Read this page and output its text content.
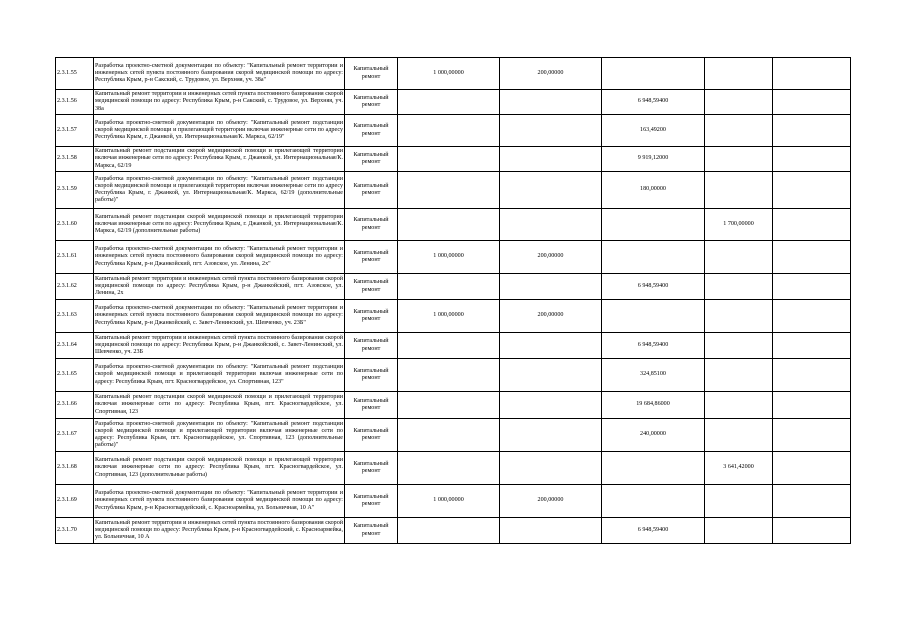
2.3.1.55	Разработка проектно-сметной документации по объекту: "Капитальный ремонт территории и инженерных сетей пункта постоянного базирования скорой медицинской помощи по адресу: Республика Крым, р-н Сакский, с. Трудовое, ул. Верхняя, уч. 38а"	Капитальный ремонт	1 000,00000	200,00000			
2.3.1.56	Капитальный ремонт территории и инженерных сетей пункта постоянного базирования скорой медицинской помощи по адресу: Республика Крым, р-н Сакский, с. Трудовое, ул. Верхняя, уч. 38а	Капитальный ремонт			6 948,59400		
2.3.1.57	Разработка проектно-сметной документации по объекту: "Капитальный ремонт подстанции скорой медицинской помощи и прилегающей территории включая инженерные сети по адресу Республика Крым, г. Джанкой, ул. Интернациональная/К. Маркса, 62/19"	Капитальный ремонт			163,49200		
2.3.1.58	Капитальный ремонт подстанции скорой медицинской помощи и прилегающей территории включая инженерные сети по адресу: Республика Крым, г. Джанкой, ул. Интернациональная/К. Маркса, 62/19	Капитальный ремонт			9 919,12000		
2.3.1.59	Разработка проектно-сметной документации по объекту: "Капитальный ремонт подстанции скорой медицинской помощи и прилегающей территории включая инженерные сети по адресу Республика Крым, г. Джанкой, ул. Интернациональная/К. Маркса, 62/19 (дополнительные работы)"	Капитальный ремонт			180,00000		
2.3.1.60	Капитальный ремонт подстанции скорой медицинской помощи и прилегающей территории включая инженерные сети по адресу: Республика Крым, г. Джанкой, ул. Интернациональная/К. Маркса, 62/19 (дополнительные работы)	Капитальный ремонт				1 700,00000	
2.3.1.61	Разработка проектно-сметной документации по объекту: "Капитальный ремонт территории и инженерных сетей пункта постоянного базирования скорой медицинской помощи по адресу: Республика Крым, р-н Джанкойский, пгт. Азовское, ул. Ленина, 2х"	Капитальный ремонт	1 000,00000	200,00000			
2.3.1.62	Капитальный ремонт территории и инженерных сетей пункта постоянного базирования скорой медицинской помощи по адресу: Республика Крым, р-н Джанкойский, пгт. Азовское, ул. Ленина, 2х	Капитальный ремонт			6 948,59400		
2.3.1.63	Разработка проектно-сметной документации по объекту: "Капитальный ремонт территории и инженерных сетей пункта постоянного базирования скорой медицинской помощи по адресу: Республика Крым, р-н Джанкойский, с. Завет-Ленинский, ул. Шевченко, уч. 23Б"	Капитальный ремонт	1 000,00000	200,00000			
2.3.1.64	Капитальный ремонт территории и инженерных сетей пункта постоянного базирования скорой медицинской помощи по адресу: Республика Крым, р-н Джанкойский, с. Завет-Ленинский, ул. Шевченко, уч. 23Б	Капитальный ремонт			6 948,59400		
2.3.1.65	Разработка проектно-сметной документации по объекту: "Капитальный ремонт подстанции скорой медицинской помощи и прилегающей территории включая инженерные сети по адресу: Республика Крым, пгт. Красногвардейское, ул. Спортивная, 123"	Капитальный ремонт			324,85100		
2.3.1.66	Капитальный ремонт подстанции скорой медицинской помощи и прилегающей территории включая инженерные сети по адресу: Республика Крым, пгт. Красногвардейское, ул. Спортивная, 123	Капитальный ремонт			19 684,86000		
2.3.1.67	Разработка проектно-сметной документации по объекту: "Капитальный ремонт подстанции скорой медицинской помощи и прилегающей территории включая инженерные сети по адресу: Республика Крым, пгт. Красногвардейское, ул. Спортивная, 123 (дополнительные работы)"	Капитальный ремонт			240,00000		
2.3.1.68	Капитальный ремонт подстанции скорой медицинской помощи и прилегающей территории включая инженерные сети по адресу: Республика Крым, пгт. Красногвардейское, ул. Спортивная, 123 (дополнительные работы)	Капитальный ремонт				3 641,42000	
2.3.1.69	Разработка проектно-сметной документации по объекту: "Капитальный ремонт территории и инженерных сетей пункта постоянного базирования скорой медицинской помощи по адресу: Республика Крым, р-н Красногвардейский, с. Красноармейка, ул. Больничная, 10 А"	Капитальный ремонт	1 000,00000	200,00000			
2.3.1.70	Капитальный ремонт территории и инженерных сетей пункта постоянного базирования скорой медицинской помощи по адресу: Республика Крым, р-н Красногвардейский, с. Красноармейка, ул. Больничная, 10 А	Капитальный ремонт			6 948,59400		
